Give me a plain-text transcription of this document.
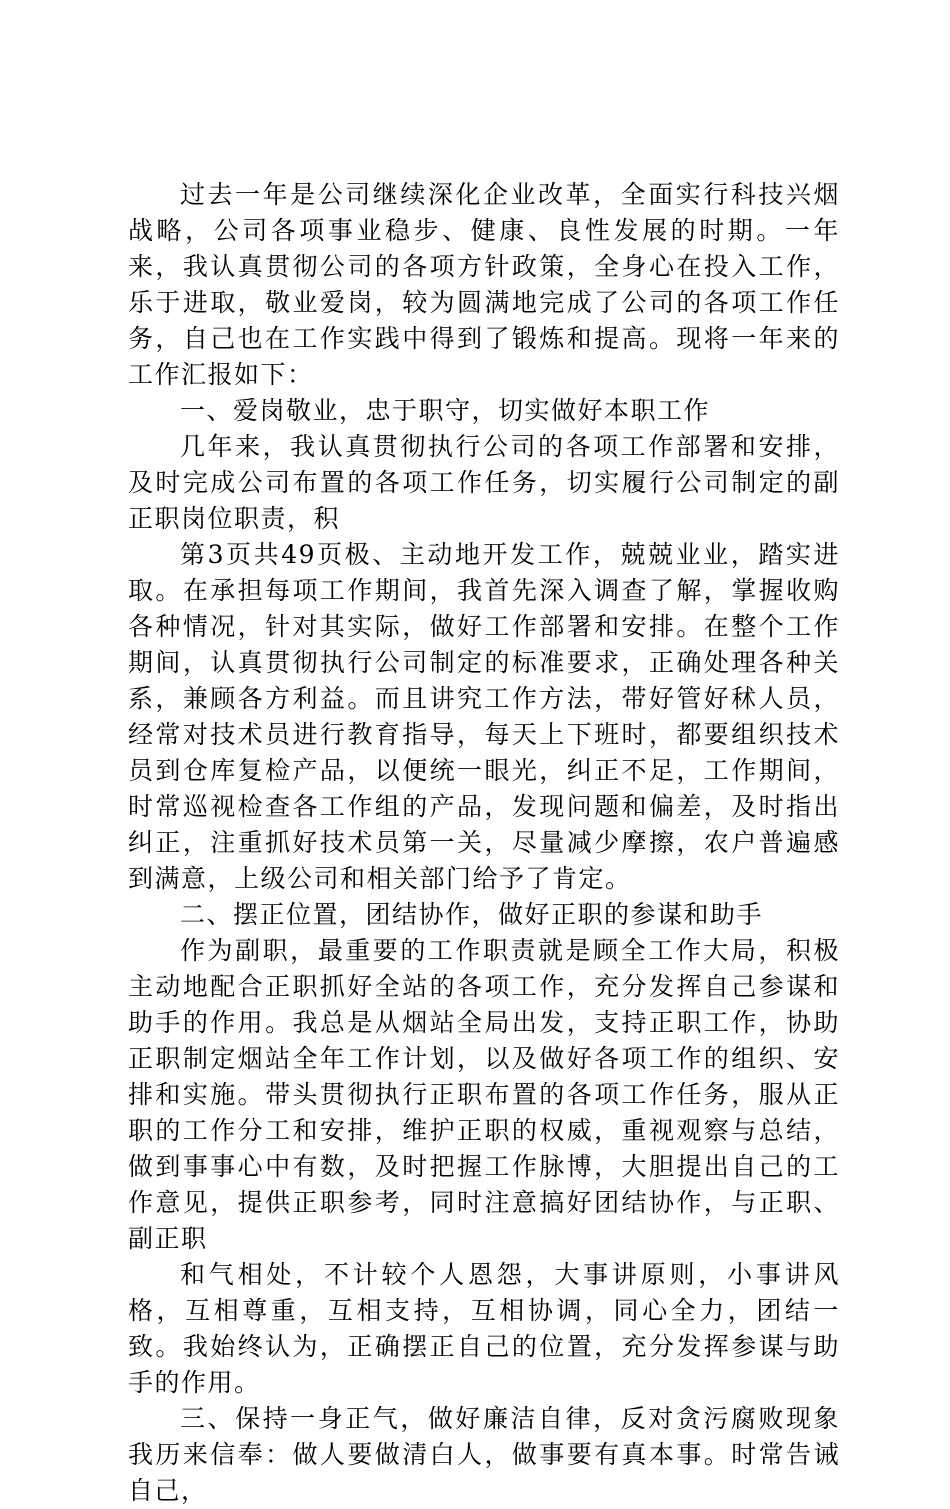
过去一年是公司继续深化企业改革，全面实行科技兴烟战略，公司各项事业稳步、健康、良性发展的时期。一年来，我认真贯彻公司的各项方针政策，全身心在投入工作，乐于进取，敬业爱岗，较为圆满地完成了公司的各项工作任务，自己也在工作实践中得到了锻炼和提高。现将一年来的工作汇报如下：

一、爱岗敬业，忠于职守，切实做好本职工作

几年来，我认真贯彻执行公司的各项工作部署和安排，及时完成公司布置的各项工作任务，切实履行公司制定的副正职岗位职责，积

第3页共49页极、主动地开发工作，兢兢业业，踏实进取。在承担每项工作期间，我首先深入调查了解，掌握收购各种情况，针对其实际，做好工作部署和安排。在整个工作期间，认真贯彻执行公司制定的标准要求，正确处理各种关系，兼顾各方利益。而且讲究工作方法，带好管好秫人员，经常对技术员进行教育指导，每天上下班时，都要组织技术员到仓库复检产品，以便统一眼光，纠正不足，工作期间，时常巡视检查各工作组的产品，发现问题和偏差，及时指出纠正，注重抓好技术员第一关，尽量减少摩擦，农户普遍感到满意，上级公司和相关部门给予了肯定。

二、摆正位置，团结协作，做好正职的参谋和助手

作为副职，最重要的工作职责就是顾全工作大局，积极主动地配合正职抓好全站的各项工作，充分发挥自己参谋和助手的作用。我总是从烟站全局出发，支持正职工作，协助正职制定烟站全年工作计划，以及做好各项工作的组织、安排和实施。带头贯彻执行正职布置的各项工作任务，服从正职的工作分工和安排，维护正职的权威，重视观察与总结，做到事事心中有数，及时把握工作脉博，大胆提出自己的工作意见，提供正职参考，同时注意搞好团结协作，与正职、副正职

和气相处，不计较个人恩怨，大事讲原则，小事讲风格，互相尊重，互相支持，互相协调，同心全力，团结一致。我始终认为，正确摆正自己的位置，充分发挥参谋与助手的作用。

三、保持一身正气，做好廉洁自律，反对贪污腐败现象我历来信奉：做人要做清白人，做事要有真本事。时常告诫自己，
